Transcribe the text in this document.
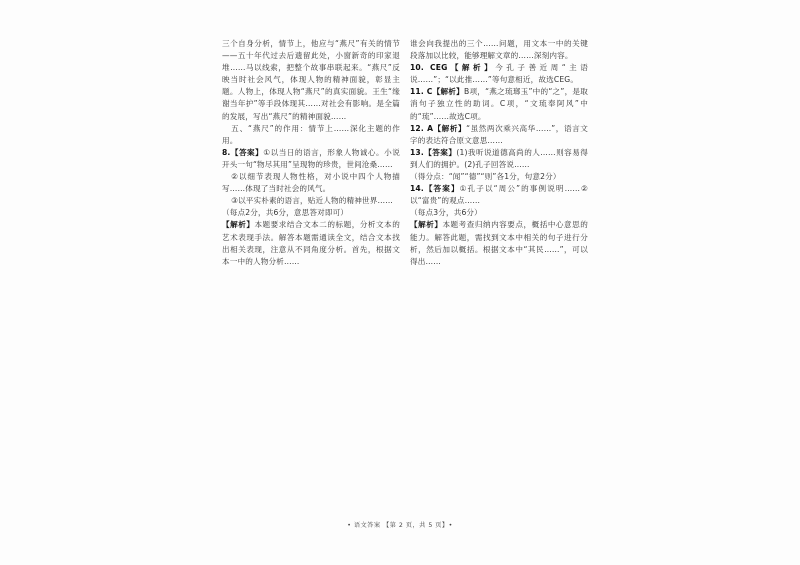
三个自身分析，情节上，他应与“燕尺”有关的情节——五十年代过去后遗留此处，小窗新奇的印家退堆……马以线索，把整个故事串联起来。“燕尺”反映当时社会风气，体现人物的精神面貌，彰显主题。人物上，体现人物“燕尺”的真实面貌。王生“缘谢当年护”等手段体现其……对社会有影响。是全篇的发展，写出“燕尺”的精神面貌……

五、“燕尺”的作用：情节上……深化主题的作用。

8.【答案】①以当日的语言，形象人物诚心。小说开头一句“物尽其用”呈现物的珍贵，世间沧桑……

②以细节表现人物性格，对小说中四个人物描写……体现了当时社会的风气。

③以平实朴素的语言，贴近人物的精神世界……

（每点2分，共6分，意思答对即可）

【解析】本题要求结合文本二的标题，分析文本的艺术表现手法。解答本题需通读全文，结合文本找出相关表现，注意从不同角度分析。首先，根据文本一中的人物分析……

谁会向我提出的三个……问题，用文本一中的关键段落加以比较，能够理解文章的……深刻内容。

10. CEG【解析】今孔子善近周“主语说……”；“以此推……”等句意相近，故选CEG。

11. C【解析】B项，“燕之琉瑯玉”中的“之”，是取消句子独立性的助词。C项，“文琉奉阿风”中的“琉”……故选C项。

12. A【解析】“虽然两次乘兴高华……”，语言文字的表达符合原文意思……

13.【答案】(1)我听说道德高尚的人……则容易得到人们的拥护。(2)孔子回答说……

（得分点：“闻”“德”“则”各1分，句意2分）

14.【答案】①孔子以“周公”的事例说明……②以“富贵”的观点……

（每点3分，共6分）

【解析】本题考查归纳内容要点，概括中心意思的能力。解答此题，需找到文本中相关的句子进行分析，然后加以概括。根据文本中“其民……”，可以得出……

• 语文答案 【第 2 页，共 5 页】•
